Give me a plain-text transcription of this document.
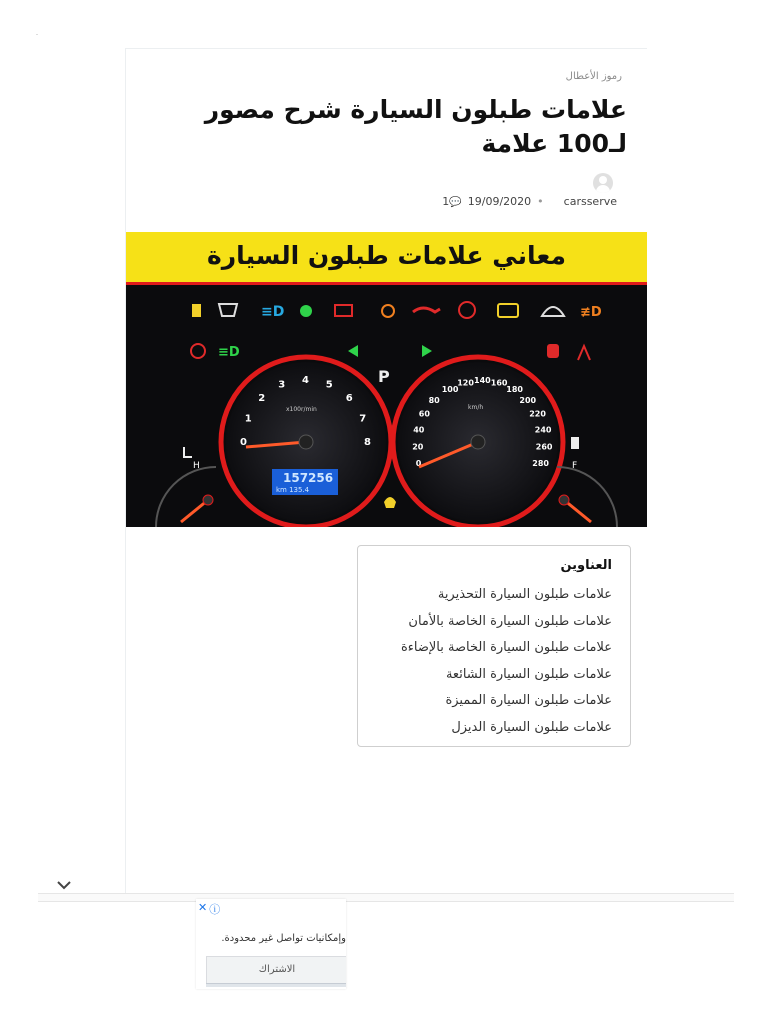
رموز الأعطال
علامات طبلون السيارة شرح مصور لـ100 علامة
1💬 19/09/2020 • carsserve
معاني علامات طبلون السيارة
≡D	≢D
≡D
P
0
1
2
3 4 5
6
7
8
x100r/min
157256
km 135.4
0
20
40
60
80
100
120 140 160
180
200
220
240
260
280
km/h
H	F
العناوين
علامات طبلون السيارة التحذيرية
علامات طبلون السيارة الخاصة بالأمان
علامات طبلون السيارة الخاصة بالإضاءة
علامات طبلون السيارة الشائعة
علامات طبلون السيارة المميزة
علامات طبلون السيارة الديزل
✕ ⓘ
وإمكانيات تواصل غير محدودة.
الاشتراك
